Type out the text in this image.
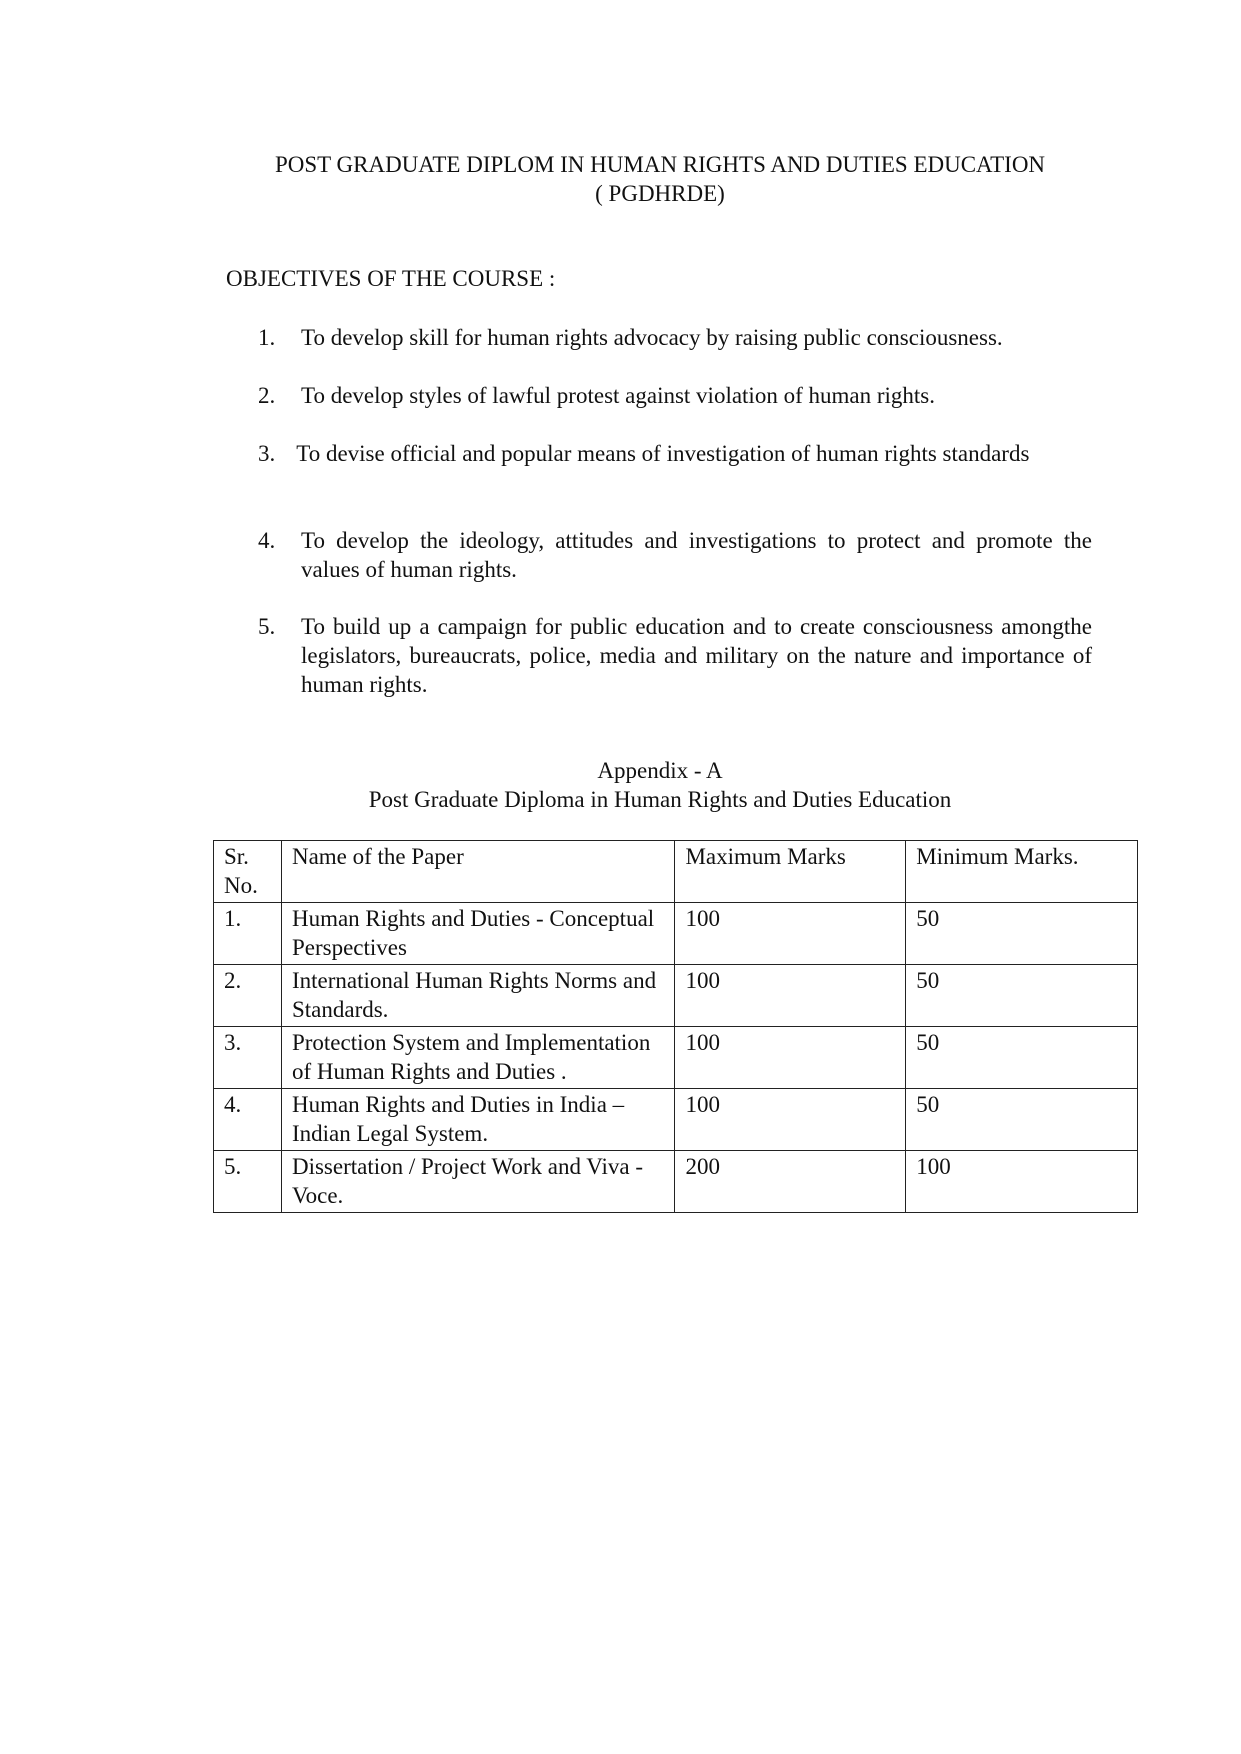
POST GRADUATE DIPLOM IN HUMAN RIGHTS AND DUTIES EDUCATION
( PGDHRDE)
OBJECTIVES OF THE COURSE :
1. To develop skill for human rights advocacy by raising public consciousness.
2. To develop styles of lawful protest against violation of human rights.
3. To devise official and popular means of investigation of human rights standards
4. To develop the ideology, attitudes and investigations to protect and promote the values of human rights.
5. To build up a campaign for public education and to create consciousness amongthe legislators, bureaucrats, police, media and military on the nature and importance of human rights.
Appendix - A
Post Graduate Diploma in Human Rights and Duties Education
Sr. No.	Name of the Paper	Maximum Marks	Minimum Marks.
1.	Human Rights and Duties - Conceptual Perspectives	100	50
2.	International Human Rights Norms and Standards.	100	50
3.	Protection System and Implementation of Human Rights and Duties .	100	50
4.	Human Rights and Duties in India – Indian Legal System.	100	50
5.	Dissertation / Project Work and Viva -Voce.	200	100
